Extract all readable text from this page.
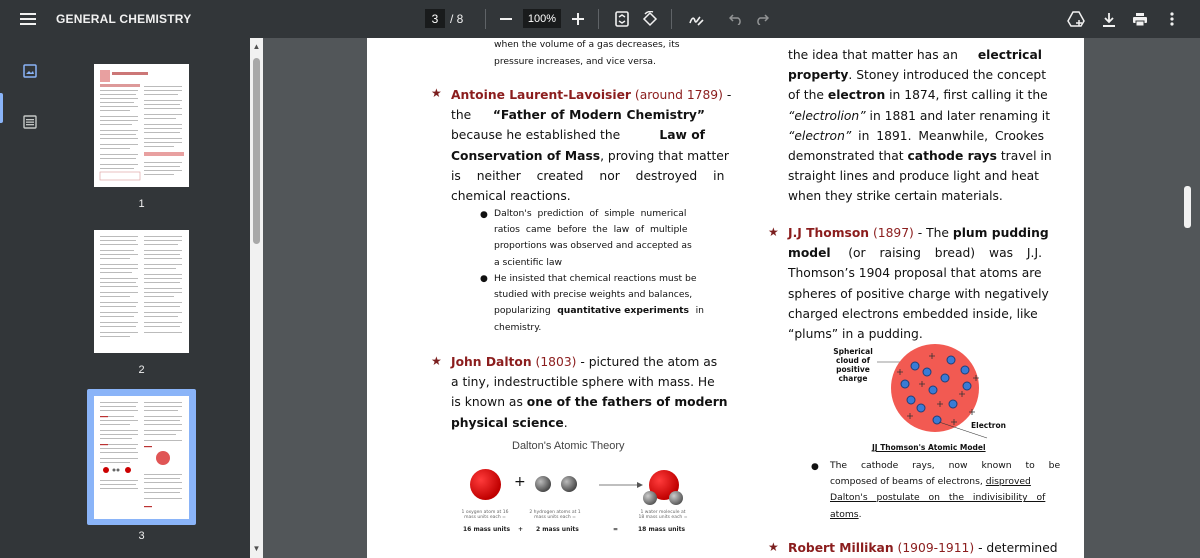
GENERAL CHEMISTRY	3 / 8	100%
1
2
3
▲
▼
when the volume of a gas decreases, its
pressure increases, and vice versa.
★ Antoine Laurent-Lavoisier (around 1789) -
the “Father of Modern Chemistry”
because he established the	Law of
Conservation of Mass, proving that matter
is neither created nor destroyed in
chemical reactions.
● Dalton's prediction of simple numerical
ratios came before the law of multiple
proportions was observed and accepted as
a scientific law
● He insisted that chemical reactions must be
studied with precise weights and balances,
popularizing quantitative experiments in
chemistry.
★ John Dalton (1803) - pictured the atom as
a tiny, indestructible sphere with mass. He
is known as one of the fathers of modern
physical science.
Dalton's Atomic Theory
+
1 oxygen atom at 16 mass units each =
2 hydrogen atoms at 1 mass units each =
1 water molecule at 18 mass units each =
16 mass units + 2 mass units	=	18 mass units
the idea that matter has an electrical
property. Stoney introduced the concept
of the electron in 1874, first calling it the
“electrolion” in 1881 and later renaming it
“electron” in 1891. Meanwhile, Crookes
demonstrated that cathode rays travel in
straight lines and produce light and heat
when they strike certain materials.
★ J.J Thomson (1897) - The plum pudding
model (or raising bread) was J.J.
Thomson’s 1904 proposal that atoms are
spheres of positive charge with negatively
charged electrons embedded inside, like
“plums” in a pudding.
Spherical cloud of positive charge
Electron
JJ Thomson's Atomic Model
● The cathode rays, now known to be
composed of beams of electrons, disproved
Dalton's postulate on the indivisibility of
atoms.
★ Robert Millikan (1909-1911) - determined
